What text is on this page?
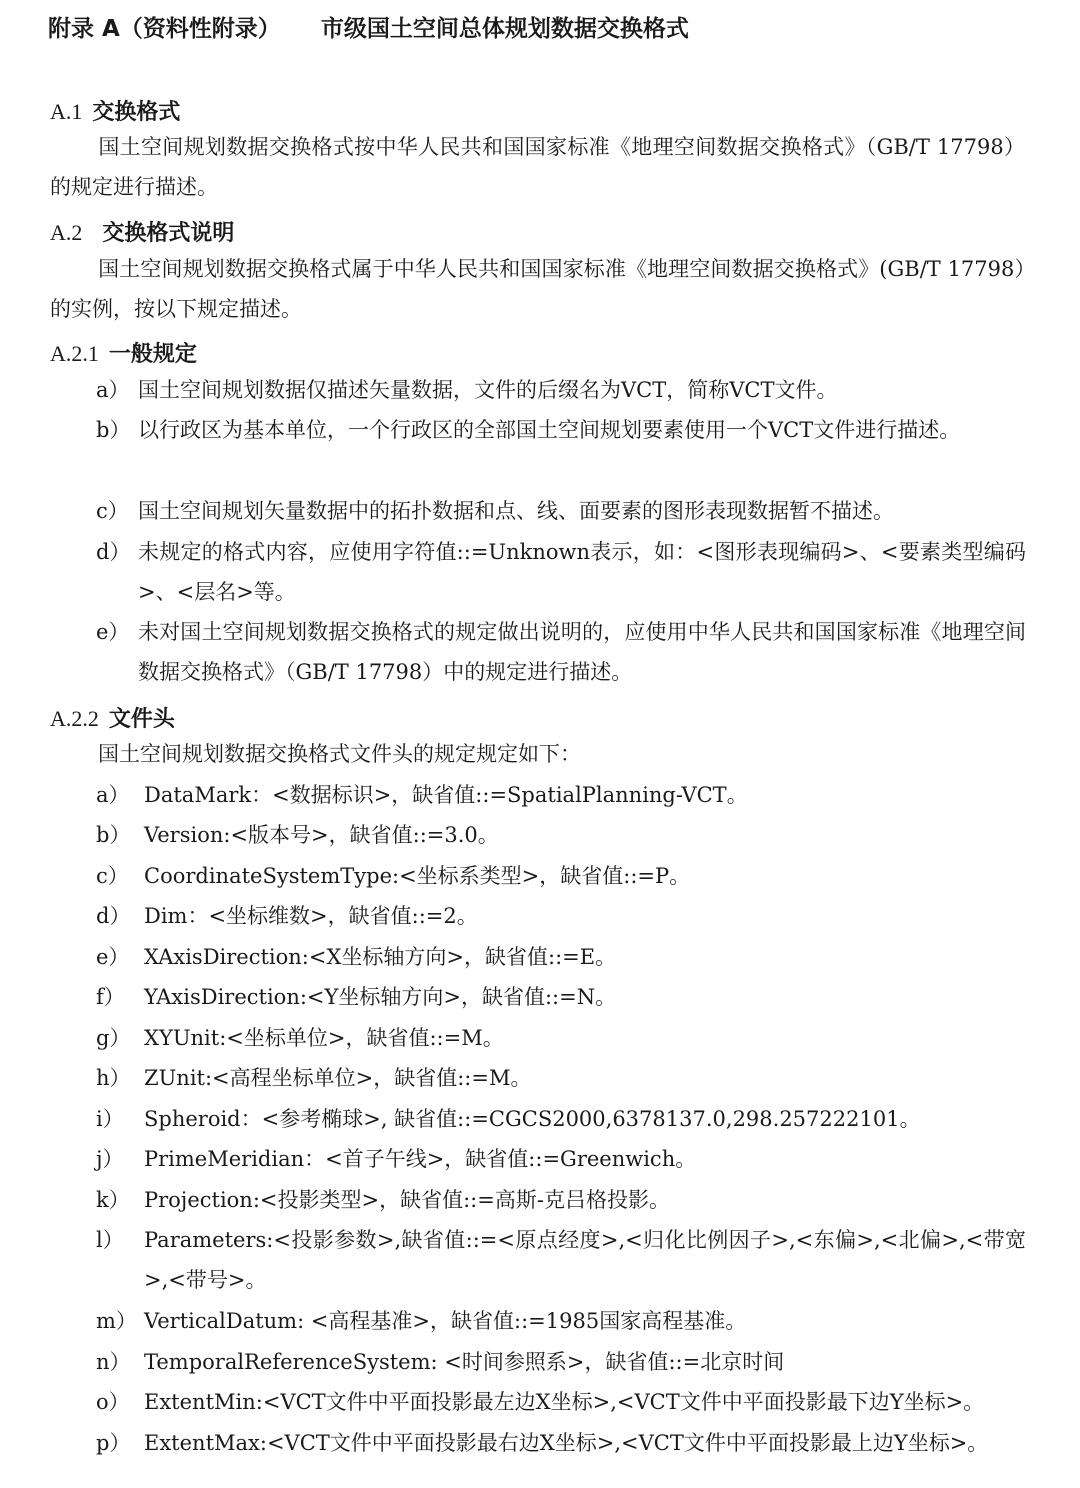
附录 A（资料性附录） 市级国土空间总体规划数据交换格式
A.1 交换格式
国土空间规划数据交换格式按中华人民共和国国家标准《地理空间数据交换格式》（GB/T 17798）的规定进行描述。
A.2 交换格式说明
国土空间规划数据交换格式属于中华人民共和国国家标准《地理空间数据交换格式》(GB/T 17798）的实例，按以下规定描述。
A.2.1 一般规定
a） 国土空间规划数据仅描述矢量数据，文件的后缀名为VCT，简称VCT文件。
b） 以行政区为基本单位，一个行政区的全部国土空间规划要素使用一个VCT文件进行描述。
c） 国土空间规划矢量数据中的拓扑数据和点、线、面要素的图形表现数据暂不描述。
d） 未规定的格式内容，应使用字符值::=Unknown表示，如：<图形表现编码>、<要素类型编码>、<层名>等。
e） 未对国土空间规划数据交换格式的规定做出说明的，应使用中华人民共和国国家标准《地理空间数据交换格式》（GB/T 17798）中的规定进行描述。
A.2.2 文件头
国土空间规划数据交换格式文件头的规定规定如下：
a） DataMark：<数据标识>，缺省值::=SpatialPlanning-VCT。
b） Version:<版本号>，缺省值::=3.0。
c） CoordinateSystemType:<坐标系类型>，缺省值::=P。
d） Dim：<坐标维数>，缺省值::=2。
e） XAxisDirection:<X坐标轴方向>，缺省值::=E。
f） YAxisDirection:<Y坐标轴方向>，缺省值::=N。
g） XYUnit:<坐标单位>，缺省值::=M。
h） ZUnit:<高程坐标单位>，缺省值::=M。
i） Spheroid：<参考椭球>, 缺省值::=CGCS2000,6378137.0,298.257222101。
j） PrimeMeridian：<首子午线>，缺省值::=Greenwich。
k） Projection:<投影类型>，缺省值::=高斯-克吕格投影。
l） Parameters:<投影参数>,缺省值::=<原点经度>,<归化比例因子>,<东偏>,<北偏>,<带宽>,<带号>。
m） VerticalDatum: <高程基准>，缺省值::=1985国家高程基准。
n） TemporalReferenceSystem: <时间参照系>，缺省值::=北京时间
o） ExtentMin:<VCT文件中平面投影最左边X坐标>,<VCT文件中平面投影最下边Y坐标>。
p） ExtentMax:<VCT文件中平面投影最右边X坐标>,<VCT文件中平面投影最上边Y坐标>。
